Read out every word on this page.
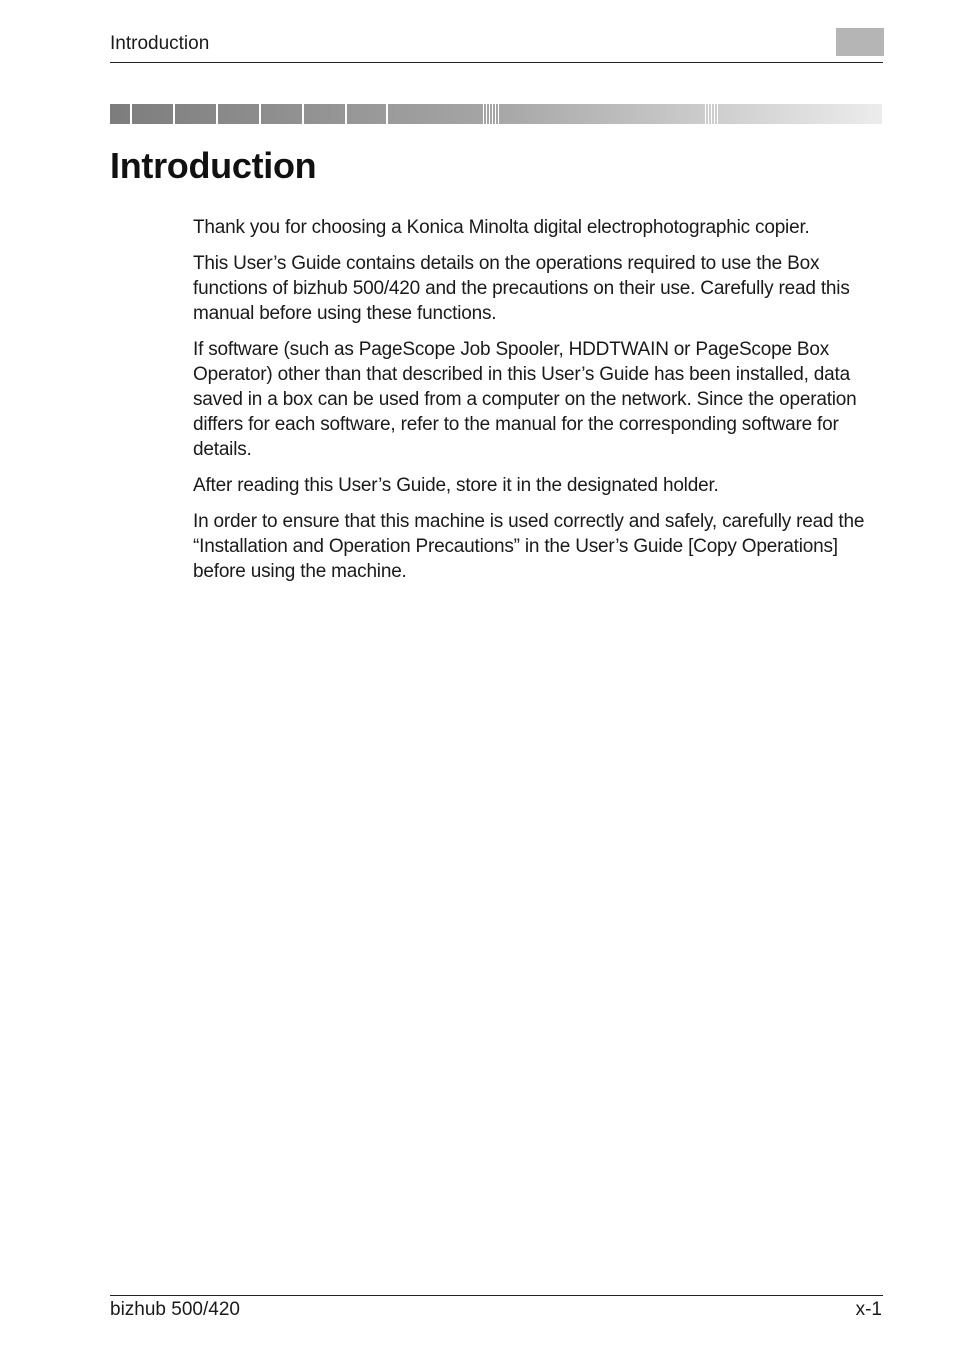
Introduction
Introduction

Thank you for choosing a Konica Minolta digital electrophotographic copier.

This User’s Guide contains details on the operations required to use the Box functions of bizhub 500/420 and the precautions on their use. Carefully read this manual before using these functions.

If software (such as PageScope Job Spooler, HDDTWAIN or PageScope Box Operator) other than that described in this User’s Guide has been installed, data saved in a box can be used from a computer on the network. Since the operation differs for each software, refer to the manual for the corresponding software for details.

After reading this User’s Guide, store it in the designated holder.

In order to ensure that this machine is used correctly and safely, carefully read the “Installation and Operation Precautions” in the User’s Guide [Copy Operations] before using the machine.

bizhub 500/420	x-1
